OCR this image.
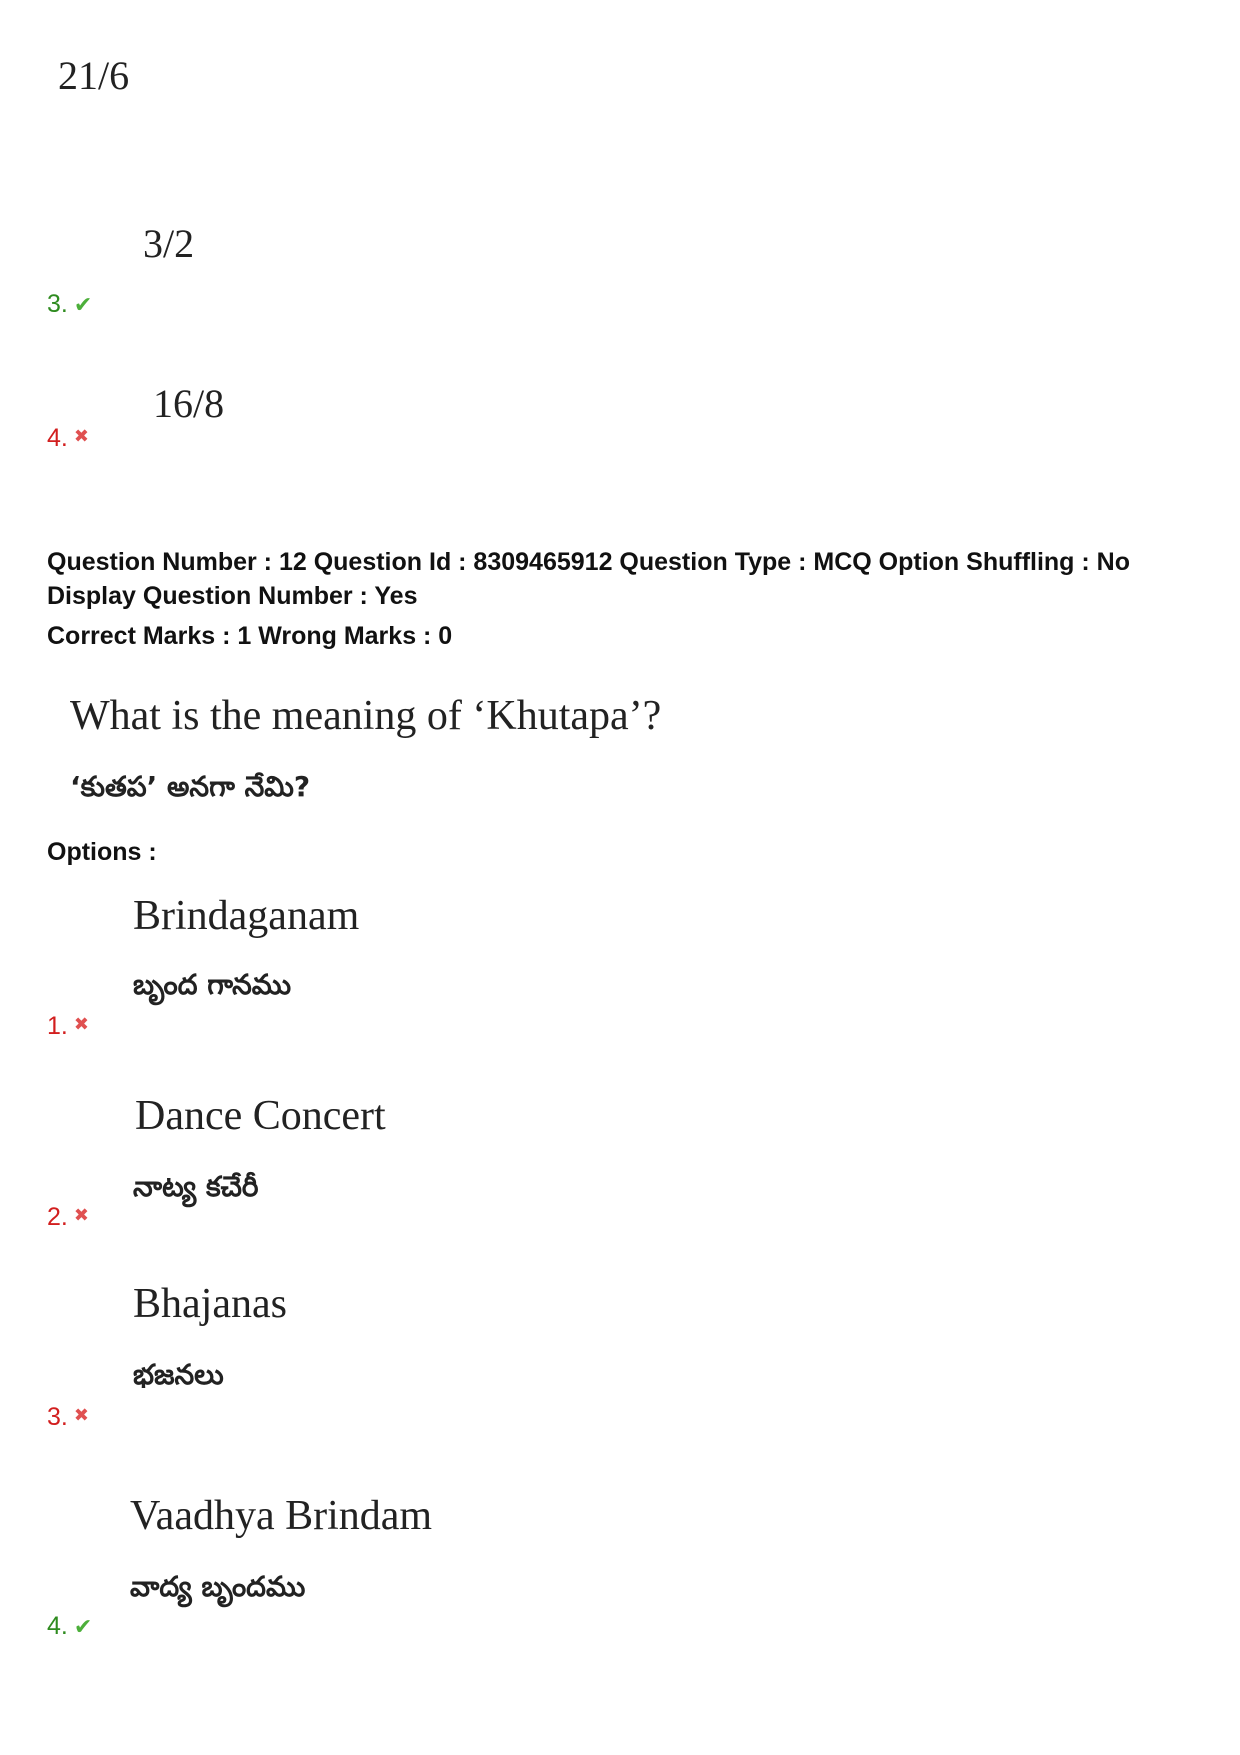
21/6
3/2
3. ✔
16/8
4. ✖

Question Number : 12 Question Id : 8309465912 Question Type : MCQ Option Shuffling : No

Display Question Number : Yes

Correct Marks : 1 Wrong Marks : 0

What is the meaning of ‘Khutapa’?
‘కుతప’ అనగా నేమి?

Options :

Brindaganam
బృంద గానము
1. ✖
Dance Concert
నాట్య కచేరీ
2. ✖
Bhajanas
భజనలు
3. ✖
Vaadhya Brindam
వాద్య బృందము
4. ✔
